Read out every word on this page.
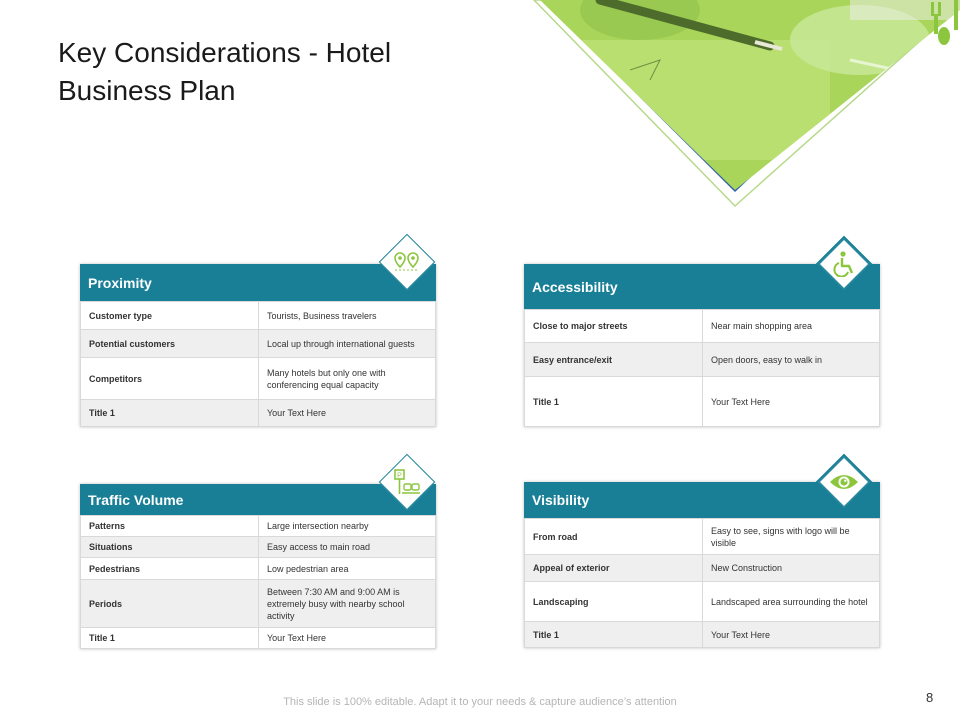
Key Considerations - Hotel
Business Plan
Proximity
Customer type	Tourists, Business travelers
Potential customers	Local up through international guests
Competitors	Many hotels but only one with conferencing equal capacity
Title 1	Your Text Here
Accessibility
Close to major streets	Near main shopping area
Easy entrance/exit	Open doors, easy to walk in
Title 1	Your Text Here
Traffic Volume
Patterns	Large intersection nearby
Situations	Easy access to main road
Pedestrians	Low pedestrian area
Periods	Between 7:30 AM and 9:00 AM is extremely busy with nearby school activity
Title 1	Your Text Here
P
Visibility
From road	Easy to see, signs with logo will be visible
Appeal of exterior	New Construction
Landscaping	Landscaped area surrounding the hotel
Title 1	Your Text Here
This slide is 100% editable. Adapt it to your needs & capture audience’s attention	8
